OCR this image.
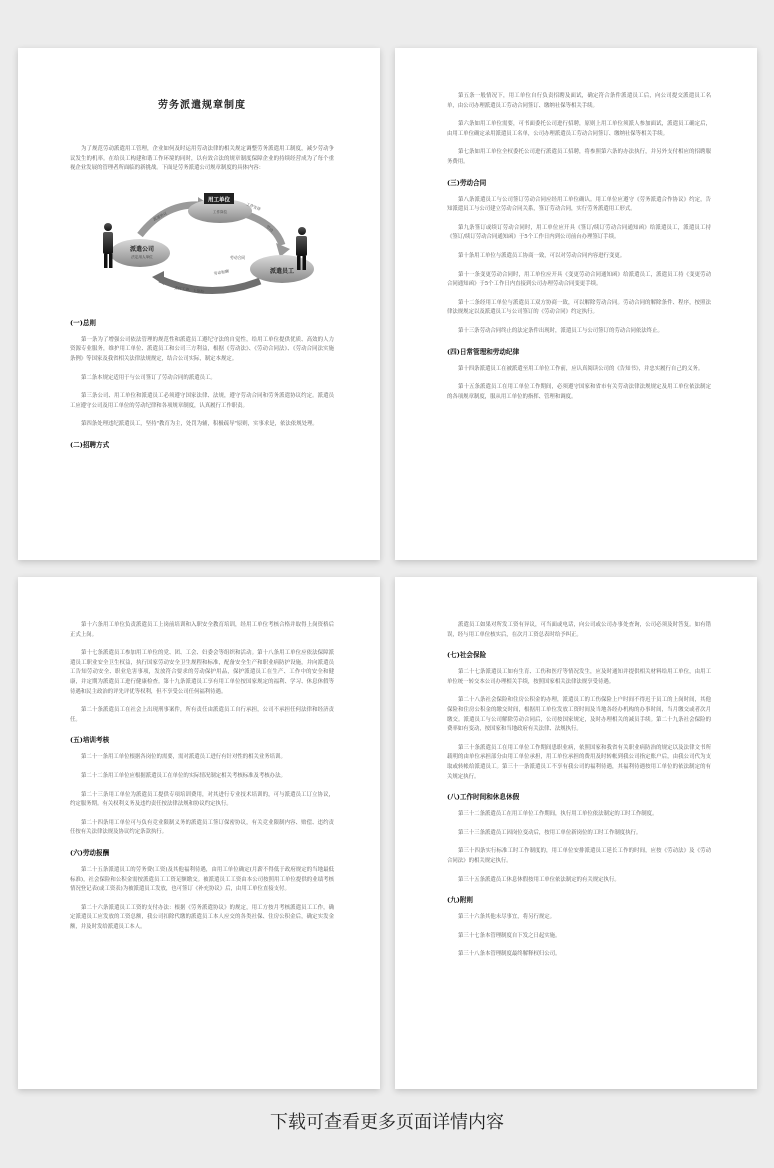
劳务派遣规章制度

为了规范劳动派遣用工管理，企业如何及时运用劳动法律的相关规定调整劳务派遣用工制度，减少劳动争议发生的机率。在给员工构建和谐工作环境的同时，以有效合法的规章制度保障企业的持续经营成为了每个重视企业发展的管理者所面临的新挑战。下面是劳务派遣公司规章制度的具体内容：

用工单位
工作岗位
派遣公司
法定用人单位
派遣员工
工作安排
劳动
派遣协议
劳动合同
劳动报酬
支付工资、上保险
(一)总则

第一条为了增强公司依法管理的规范性和派遣员工遵纪守法的自觉性，给用工单位提供优质、高效的人力资源专业服务，维护用工单位、派遣员工和公司三方利益，根据《劳动法》、《劳动合同法》、《劳动合同法实施条例》等国家及我省相关法律法规规定，结合公司实际，制定本规定。

第二条本规定适用于与公司签订了劳动合同的派遣员工。

第三条公司、用工单位和派遣员工必须遵守国家法律、法规，遵守劳动合同和劳务派遣协议约定。派遣员工应遵守公司及用工单位的劳动纪律和各项规章制度，认真履行工作职责。

第四条处理违纪派遣员工，坚持"教育为主，处罚为辅，积极疏导"原则，实事求是，依法依规处理。

(二)招聘方式

第五条一般情况下，用工单位自行负责招聘及面试，确定符合条件派遣员工后，向公司提交派遣员工名单，由公司办理派遣员工劳动合同签订、缴纳社保等相关手续。

第六条如用工单位需要，可书面委托公司进行招聘，原则上用工单位须派人参加面试，派遣员工确定后，由用工单位确定录用派遣员工名单，公司办理派遣员工劳动合同签订、缴纳社保等相关手续。

第七条如用工单位全权委托公司进行派遣员工招聘，将参照第六条的办法执行，并另外支付相应的招聘服务费用。

(三)劳动合同

第八条派遣员工与公司签订劳动合同应经用工单位确认。用工单位应遵守《劳务派遣合作协议》约定，告知派遣员工与公司建立劳动合同关系，签订劳动合同，实行劳务派遣用工形式。

第九条签订或续订劳动合同时，用工单位应开具《签订/续订劳动合同通知函》给派遣员工，派遣员工持《签订/续订劳动合同通知函》于5个工作日内到公司前台办理签订手续。

第十条用工单位与派遣员工协商一致，可以对劳动合同内容进行变更。

第十一条变更劳动合同时，用工单位应开具《变更劳动合同通知函》给派遣员工，派遣员工持《变更劳动合同通知函》于5个工作日内直接到公司办理劳动合同变更手续。

第十二条经用工单位与派遣员工双方协商一致，可以解除劳动合同。劳动合同的解除条件、程序，按照法律法规规定以及派遣员工与公司签订的《劳动合同》约定执行。

第十三条劳动合同终止的法定条件出现时，派遣员工与公司签订的劳动合同依法终止。

(四)日常管理和劳动纪律

第十四条派遣员工在被派遣至用工单位工作前，应认真阅读公司的《告知书》，并忠实履行自己的义务。

第十五条派遣员工在用工单位工作期间，必须遵守国家和省市有关劳动法律法规规定及用工单位依法制定的各项规章制度，服从用工单位的指挥、管理和调度。

第十六条用工单位负责派遣员工上岗前培训和入职安全教育培训，经用工单位考核合格并取得上岗资格后正式上岗。

第十七条派遣员工参加用工单位的党、团、工会、妇委会等组织和活动。第十八条用工单位应依法保障派遣员工职业安全卫生权益，执行国家劳动安全卫生规程和标准，配备安全生产和职业病防护设施，并向派遣员工告知劳动安全、职业危害事项，发放符合要求的劳动保护用品，保护派遣员工在生产、工作中的安全和健康，并定期为派遣员工进行健康检查。第十九条派遣员工享有用工单位按国家规定的福利、学习、休息休假等待遇和民主政治的评先评优等权利，但不享受公司任何福利待遇。

第二十条派遣员工在社会上出现刑事案件，所有责任由派遣员工自行承担，公司不承担任何法律和经济责任。

(五)培训考核

第二十一条用工单位根据各岗位的需要，需对派遣员工进行有针对性的相关业务培训。

第二十二条用工单位应根据派遣员工在单位的实际情况制定相关考核标准及考核办法。

第二十三条用工单位为派遣员工提供专项培训费用，对其进行专业技术培训的，可与派遣员工订立协议，约定服务期。有关权利义务及违约责任按法律法规和协议约定执行。

第二十四条用工单位可与负有竞业限制义务的派遣员工签订保密协议，有关竞业限制内容、赔偿、违约责任按有关法律法规及协议约定条款执行。

(六)劳动报酬

第二十五条派遣员工的劳务费(工资)及其他福利待遇，由用工单位确定(月薪不得低于政府规定的当地最低标准)，社会保险和公积金需按派遣员工工资足额缴交。被派遣员工工资由本公司按照用工单位提供的业绩考核情况登记表(或工资表)为被派遣员工发放，也可签订《补充协议》后，由用工单位直接支付。

第二十六条派遣员工工资的支付办法：根据《劳务派遣协议》的规定，用工方按月考核派遣员工工作，确定派遣员工应发放的工资总额，我公司扣除代缴的派遣员工本人应交的各类社保、住房公积金后，确定实发金额，并及时发给派遣员工本人。

派遣员工如果对所发工资有异议，可当面或电话，向公司或公司办事处查询，公司必须及时答复。如有错误，经与用工单位核实后，在次月工资总表时给予纠正。

(七)社会保险

第二十七条派遣员工如有生育、工伤和医疗等情况发生，应及时通知并提供相关材料给用工单位，由用工单位统一转交本公司办理相关手续，按照国家相关法律法规享受待遇。

第二十八条社会保险和住房公积金的办理，派遣员工的工伤保险上户时间不得迟于员工的上岗时间，其他保险和住房公积金的缴交时间，根据用工单位发放工资时间及当地各经办机构的办事时间，当月缴交或者次月缴交。派遣员工与公司解除劳动合同后，公司按国家规定，及时办理相关的减员手续。第二十九条社会保险的费率如有变动，按国家和当地政府有关法律、法规执行。

第三十条派遣员工在用工单位工作期间患职业病，依照国家和我省有关职业病防治的规定以及法律文书所载明的由单位承担部分由用工单位承担，用工单位承担的费用及时转帐到我公司指定账户后，由我公司代为支取或转帐给派遣员工。第三十一条派遣员工不享有我公司的福利待遇，其福利待遇按用工单位的依法制定的有关规定执行。

(八)工作时间和休息休假

第三十二条派遣员工在用工单位工作期间，执行用工单位依法制定的工时工作制度。

第三十三条派遣员工因岗位变动后，按用工单位新岗位的工时工作制度执行。

第三十四条实行标准工时工作制度的，用工单位安排派遣员工延长工作的时间，应按《劳动法》及《劳动合同法》的相关规定执行。

第三十五条派遣员工休息休假按用工单位依法制定的有关规定执行。

(九)附则

第三十六条其他未尽事宜，将另行规定。

第三十七条本管理制度自下发之日起实施。

第三十八条本管理制度最终解释权归公司。

下载可查看更多页面详情内容
